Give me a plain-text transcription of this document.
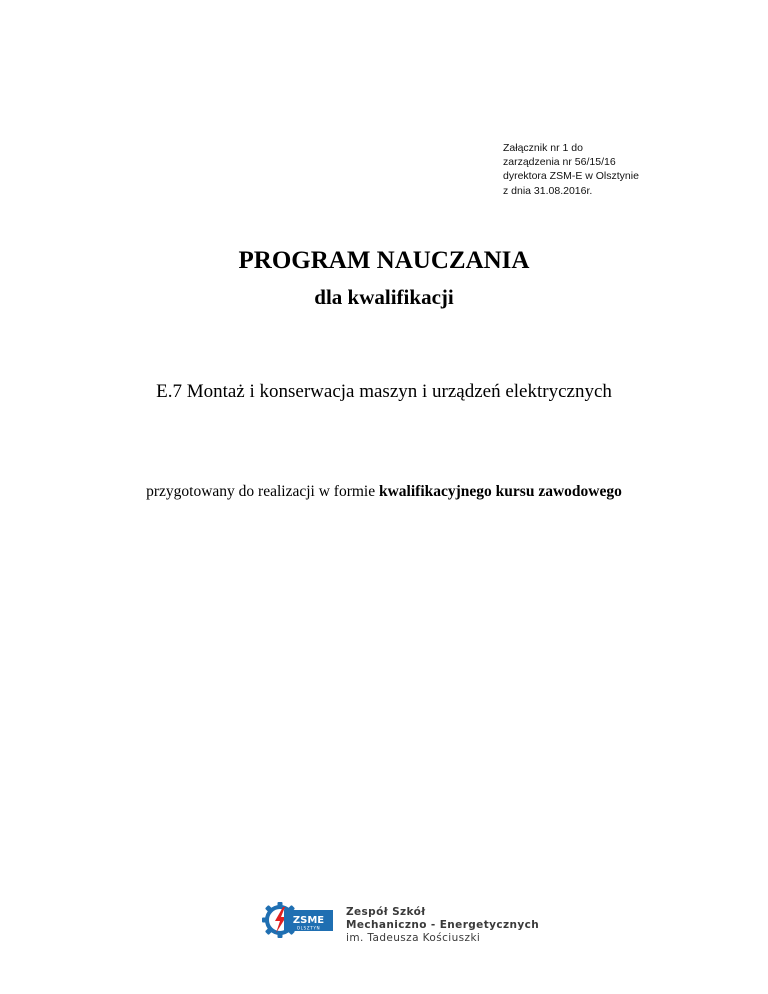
Załącznik nr 1 do
zarządzenia nr 56/15/16
dyrektora ZSM-E w Olsztynie
z dnia 31.08.2016r.
PROGRAM NAUCZANIA
dla kwalifikacji
E.7 Montaż i konserwacja maszyn i urządzeń elektrycznych
przygotowany do realizacji w formie kwalifikacyjnego kursu zawodowego
ZSME
OLSZTYN
Zespół Szkół
Mechaniczno - Energetycznych
im. Tadeusza Kościuszki
